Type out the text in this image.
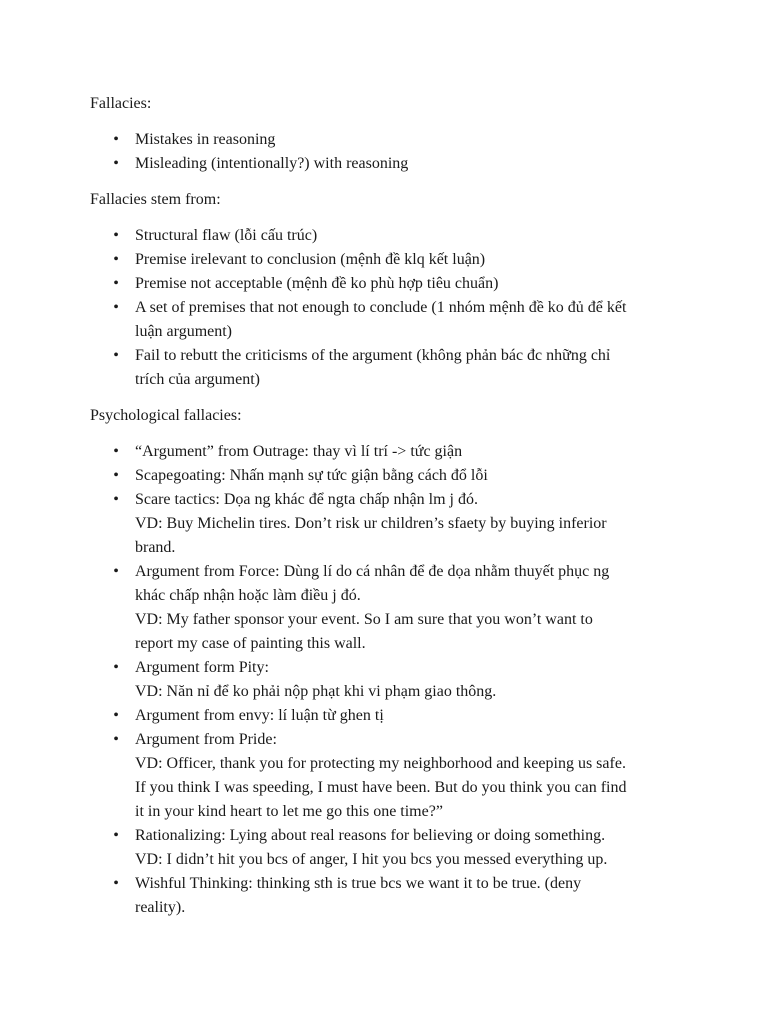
Fallacies:
• Mistakes in reasoning
• Misleading (intentionally?) with reasoning
Fallacies stem from:
• Structural flaw (lỗi cấu trúc)
• Premise irelevant to conclusion (mệnh đề klq kết luận)
• Premise not acceptable (mệnh đề ko phù hợp tiêu chuẩn)
• A set of premises that not enough to conclude (1 nhóm mệnh đề ko đủ để kết
luận argument)
• Fail to rebutt the criticisms of the argument (không phản bác đc những chỉ
trích của argument)
Psychological fallacies:
• “Argument” from Outrage: thay vì lí trí -> tức giận
• Scapegoating: Nhấn mạnh sự tức giận bằng cách đổ lỗi
• Scare tactics: Dọa ng khác để ngta chấp nhận lm j đó.
VD: Buy Michelin tires. Don’t risk ur children’s sfaety by buying inferior
brand.
• Argument from Force: Dùng lí do cá nhân để đe dọa nhằm thuyết phục ng
khác chấp nhận hoặc làm điều j đó.
VD: My father sponsor your event. So I am sure that you won’t want to
report my case of painting this wall.
• Argument form Pity:
VD: Năn nỉ để ko phải nộp phạt khi vi phạm giao thông.
• Argument from envy: lí luận từ ghen tị
• Argument from Pride:
VD: Officer, thank you for protecting my neighborhood and keeping us safe.
If you think I was speeding, I must have been. But do you think you can find
it in your kind heart to let me go this one time?”
• Rationalizing: Lying about real reasons for believing or doing something.
VD: I didn’t hit you bcs of anger, I hit you bcs you messed everything up.
• Wishful Thinking: thinking sth is true bcs we want it to be true. (deny
reality).
